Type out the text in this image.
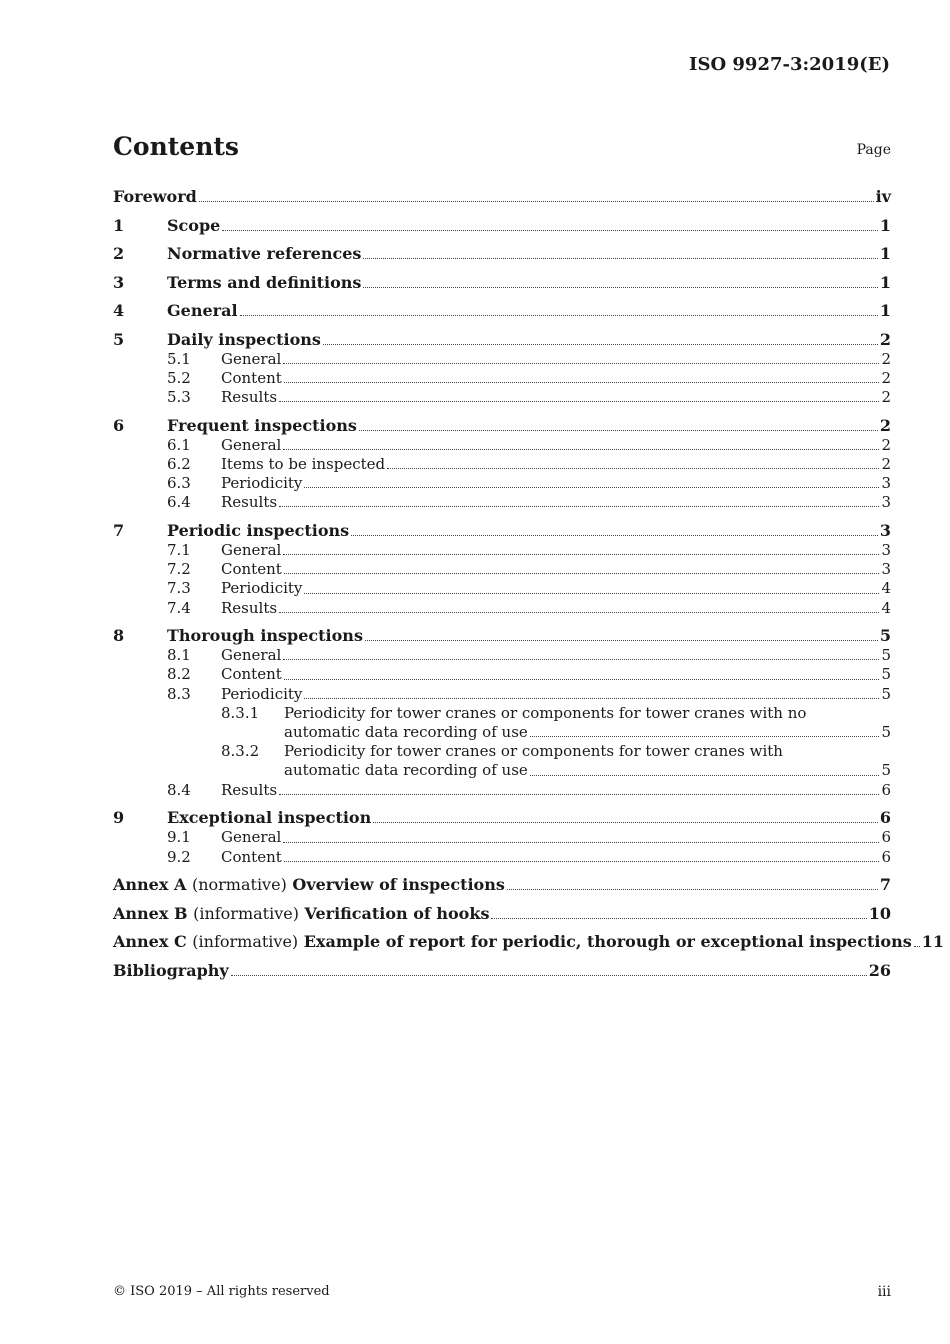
ISO 9927-3:2019(E)
Contents	Page
Foreword	iv
1	Scope	1
2	Normative references	1
3	Terms and definitions	1
4	General	1
5	Daily inspections	2
5.1	General	2
5.2	Content	2
5.3	Results	2
6	Frequent inspections	2
6.1	General	2
6.2	Items to be inspected	2
6.3	Periodicity	3
6.4	Results	3
7	Periodic inspections	3
7.1	General	3
7.2	Content	3
7.3	Periodicity	4
7.4	Results	4
8	Thorough inspections	5
8.1	General	5
8.2	Content	5
8.3	Periodicity	5
8.3.1 Periodicity for tower cranes or components for tower cranes with no
automatic data recording of use	5
8.3.2 Periodicity for tower cranes or components for tower cranes with
automatic data recording of use	5
8.4	Results	6
9	Exceptional inspection	6
9.1	General	6
9.2	Content	6
Annex A (normative) Overview of inspections	7
Annex B (informative) Verification of hooks	10
Annex C (informative) Example of report for periodic, thorough or exceptional inspections 11
Bibliography	26
© ISO 2019 – All rights reserved	iii
